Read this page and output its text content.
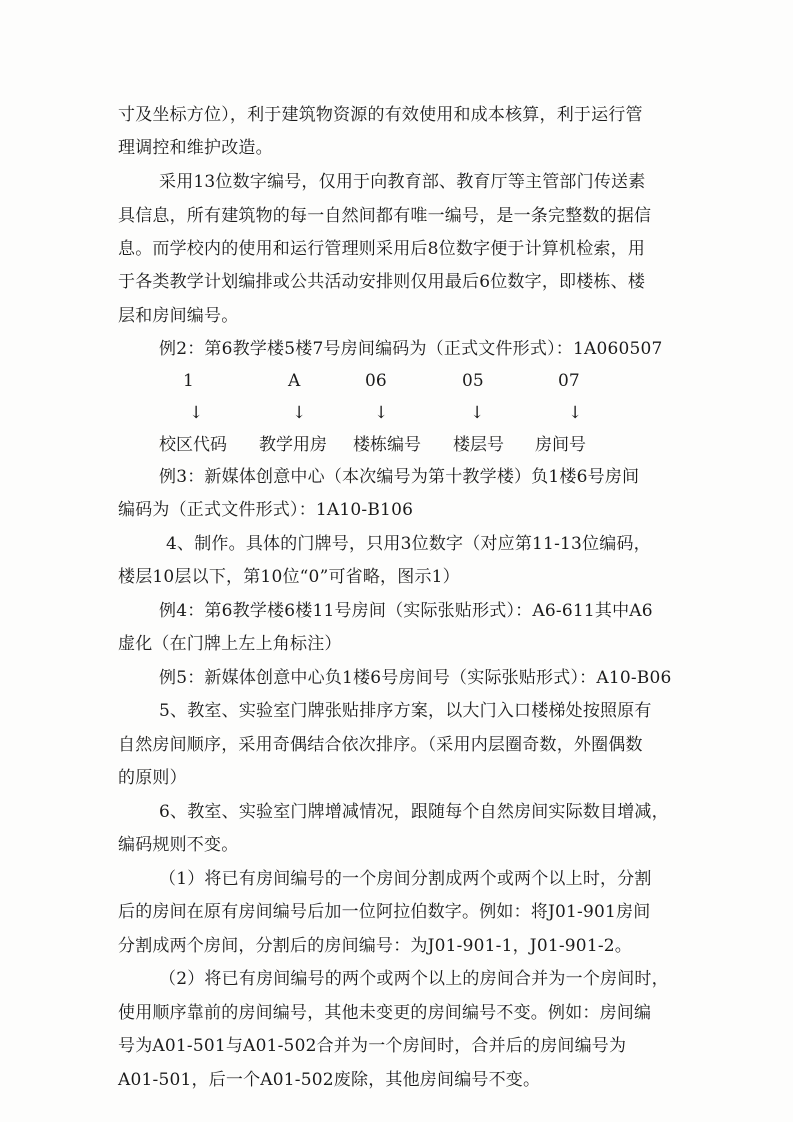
寸及坐标方位），利于建筑物资源的有效使用和成本核算，利于运行管
理调控和维护改造。
采用13位数字编号，仅用于向教育部、教育厅等主管部门传送素
具信息，所有建筑物的每一自然间都有唯一编号，是一条完整数的据信
息。而学校内的使用和运行管理则采用后8位数字便于计算机检索，用
于各类教学计划编排或公共活动安排则仅用最后6位数字，即楼栋、楼
层和房间编号。
例2：第6教学楼5楼7号房间编码为（正式文件形式）：1A060507
1	A	06	05	07
↓	↓	↓	↓	↓
校区代码 教学用房 楼栋编号 楼层号 房间号
例3：新媒体创意中心（本次编号为第十教学楼）负1楼6号房间
编码为（正式文件形式）：1A10-B106
4、制作。具体的门牌号，只用3位数字（对应第11-13位编码，
楼层10层以下，第10位“0”可省略，图示1）
例4：第6教学楼6楼11号房间（实际张贴形式）：A6-611其中A6
虚化（在门牌上左上角标注）
例5：新媒体创意中心负1楼6号房间号（实际张贴形式）：A10-B06
5、教室、实验室门牌张贴排序方案，以大门入口楼梯处按照原有
自然房间顺序，采用奇偶结合依次排序。（采用内层圈奇数，外圈偶数
的原则）
6、教室、实验室门牌增减情况，跟随每个自然房间实际数目增减，
编码规则不变。
（1）将已有房间编号的一个房间分割成两个或两个以上时，分割
后的房间在原有房间编号后加一位阿拉伯数字。例如：将J01-901房间
分割成两个房间，分割后的房间编号：为J01-901-1，J01-901-2。
（2）将已有房间编号的两个或两个以上的房间合并为一个房间时，
使用顺序靠前的房间编号，其他未变更的房间编号不变。例如：房间编
号为A01-501与A01-502合并为一个房间时，合并后的房间编号为
A01-501，后一个A01-502废除，其他房间编号不变。
